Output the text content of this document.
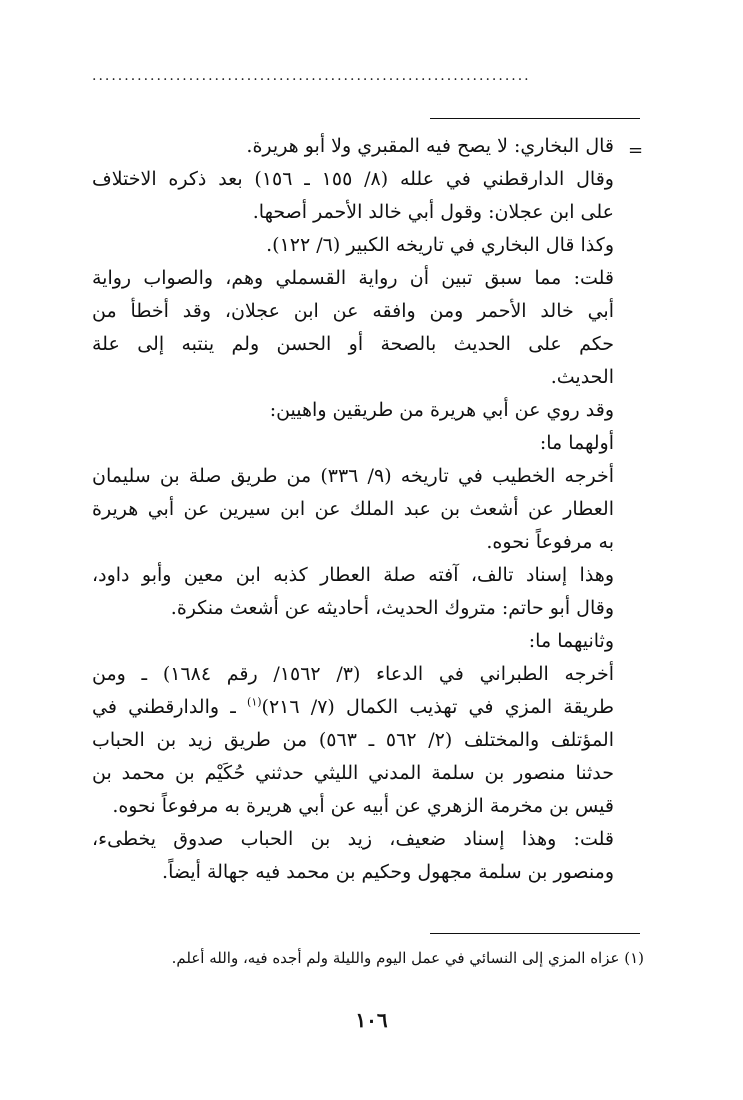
....................................................................
=
قال البخاري: لا يصح فيه المقبري ولا أبو هريرة.
وقال الدارقطني في علله (٨/ ١٥٥ ـ ١٥٦) بعد ذكره الاختلاف
على ابن عجلان: وقول أبي خالد الأحمر أصحها.
وكذا قال البخاري في تاريخه الكبير (٦/ ١٢٢).
قلت: مما سبق تبين أن رواية القسملي وهم، والصواب رواية
أبي خالد الأحمر ومن وافقه عن ابن عجلان، وقد أخطأ من
حكم على الحديث بالصحة أو الحسن ولم ينتبه إلى علة
الحديث.
وقد روي عن أبي هريرة من طريقين واهيين:
أولهما ما:
أخرجه الخطيب في تاريخه (٩/ ٣٣٦) من طريق صلة بن سليمان
العطار عن أشعث بن عبد الملك عن ابن سيرين عن أبي هريرة
به مرفوعاً نحوه.
وهذا إسناد تالف، آفته صلة العطار كذبه ابن معين وأبو داود،
وقال أبو حاتم: متروك الحديث، أحاديثه عن أشعث منكرة.
وثانيهما ما:
أخرجه الطبراني في الدعاء (٣/ ١٥٦٢/ رقم ١٦٨٤) ـ ومن
طريقة المزي في تهذيب الكمال (٧/ ٢١٦)$^{(١)}$ ـ والدارقطني في
المؤتلف والمختلف (٢/ ٥٦٢ ـ ٥٦٣) من طريق زيد بن الحباب
حدثنا منصور بن سلمة المدني الليثي حدثني حُكَيْم بن محمد بن
قيس بن مخرمة الزهري عن أبيه عن أبي هريرة به مرفوعاً نحوه.
قلت: وهذا إسناد ضعيف، زيد بن الحباب صدوق يخطىء،
ومنصور بن سلمة مجهول وحكيم بن محمد فيه جهالة أيضاً.
(١) عزاه المزي إلى النسائي في عمل اليوم والليلة ولم أجده فيه، والله أعلم.
١٠٦
